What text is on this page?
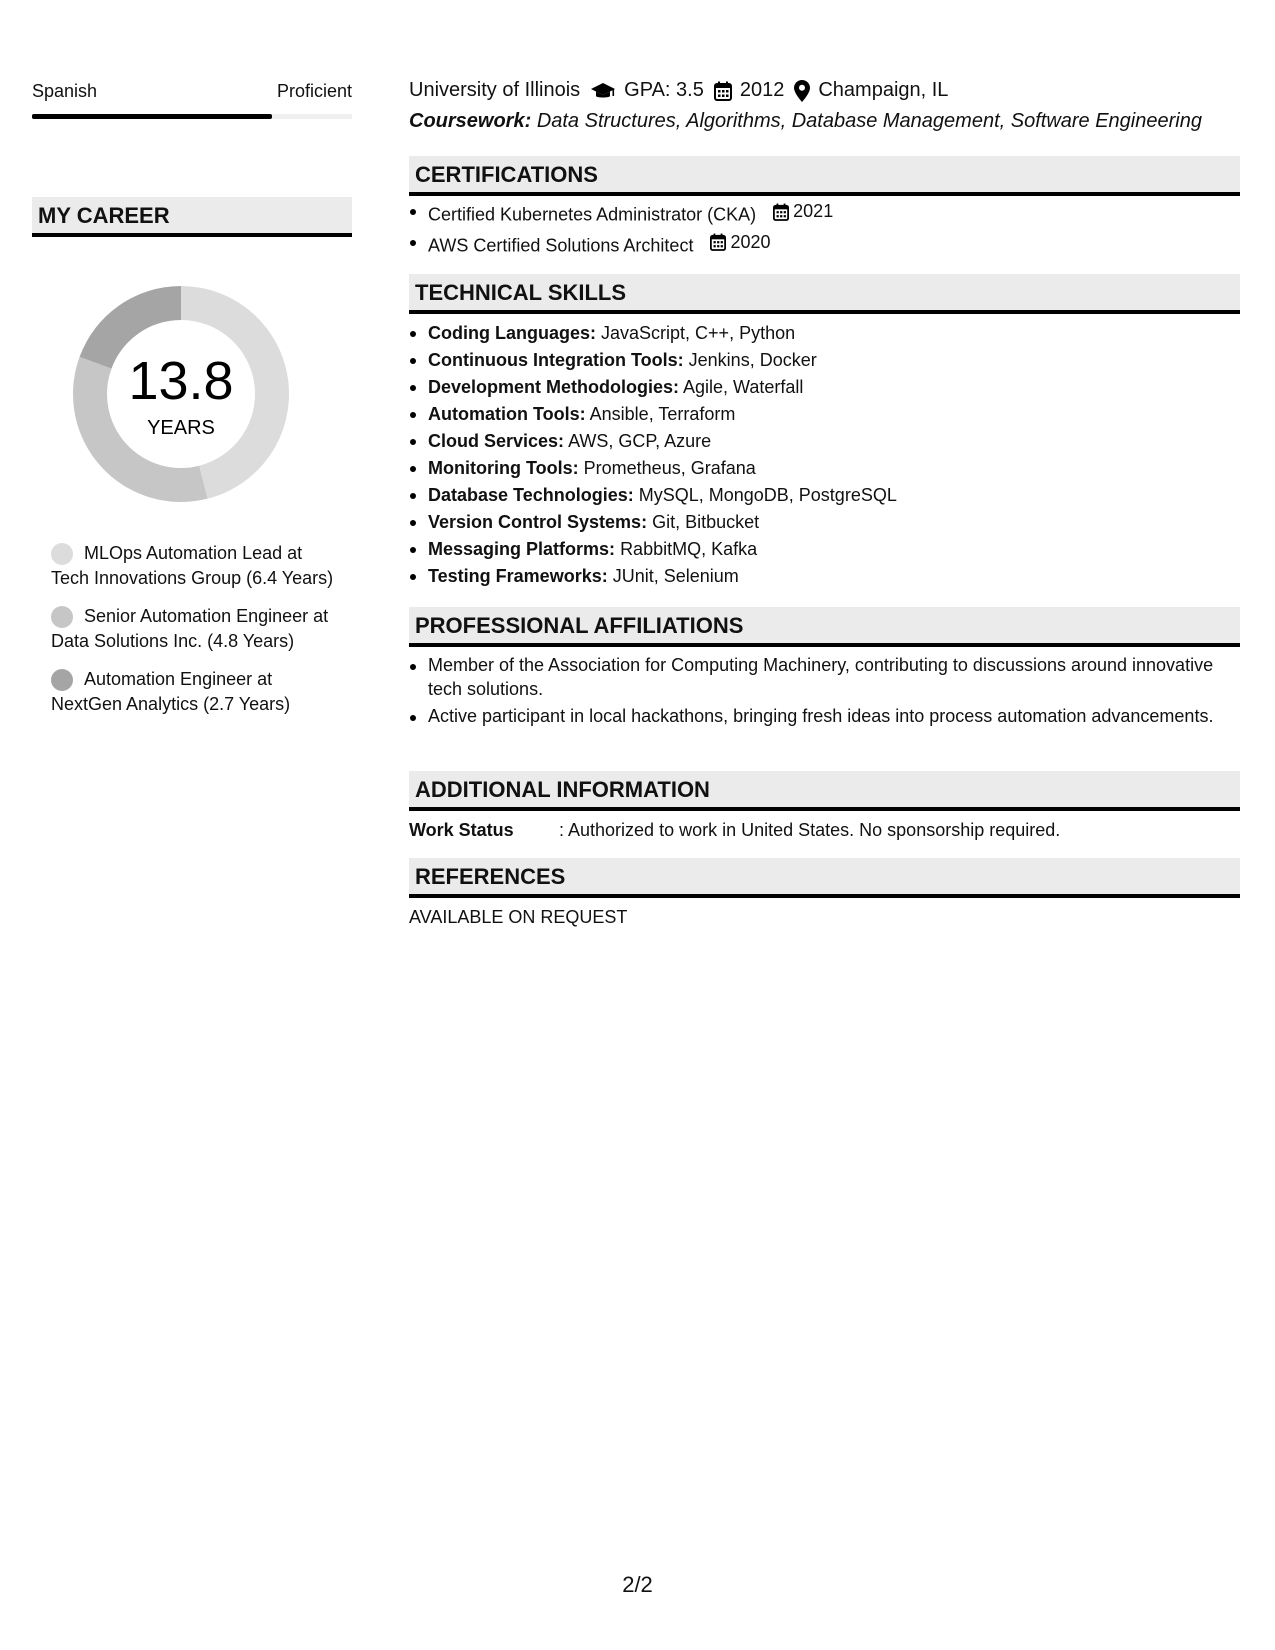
Spanish	Proficient
MY CAREER
13.8
YEARS
MLOps Automation Lead at Tech Innovations Group (6.4 Years)
Senior Automation Engineer at Data Solutions Inc. (4.8 Years)
Automation Engineer at NextGen Analytics (2.7 Years)
University of Illinois GPA: 3.5 2012 Champaign, IL
Coursework: Data Structures, Algorithms, Database Management, Software Engineering
CERTIFICATIONS
Certified Kubernetes Administrator (CKA) 2021
AWS Certified Solutions Architect 2020
TECHNICAL SKILLS
Coding Languages: JavaScript, C++, Python
Continuous Integration Tools: Jenkins, Docker
Development Methodologies: Agile, Waterfall
Automation Tools: Ansible, Terraform
Cloud Services: AWS, GCP, Azure
Monitoring Tools: Prometheus, Grafana
Database Technologies: MySQL, MongoDB, PostgreSQL
Version Control Systems: Git, Bitbucket
Messaging Platforms: RabbitMQ, Kafka
Testing Frameworks: JUnit, Selenium
PROFESSIONAL AFFILIATIONS
Member of the Association for Computing Machinery, contributing to discussions around innovative tech solutions.
Active participant in local hackathons, bringing fresh ideas into process automation advancements.
ADDITIONAL INFORMATION
Work Status	: Authorized to work in United States. No sponsorship required.
REFERENCES
AVAILABLE ON REQUEST
2/2
